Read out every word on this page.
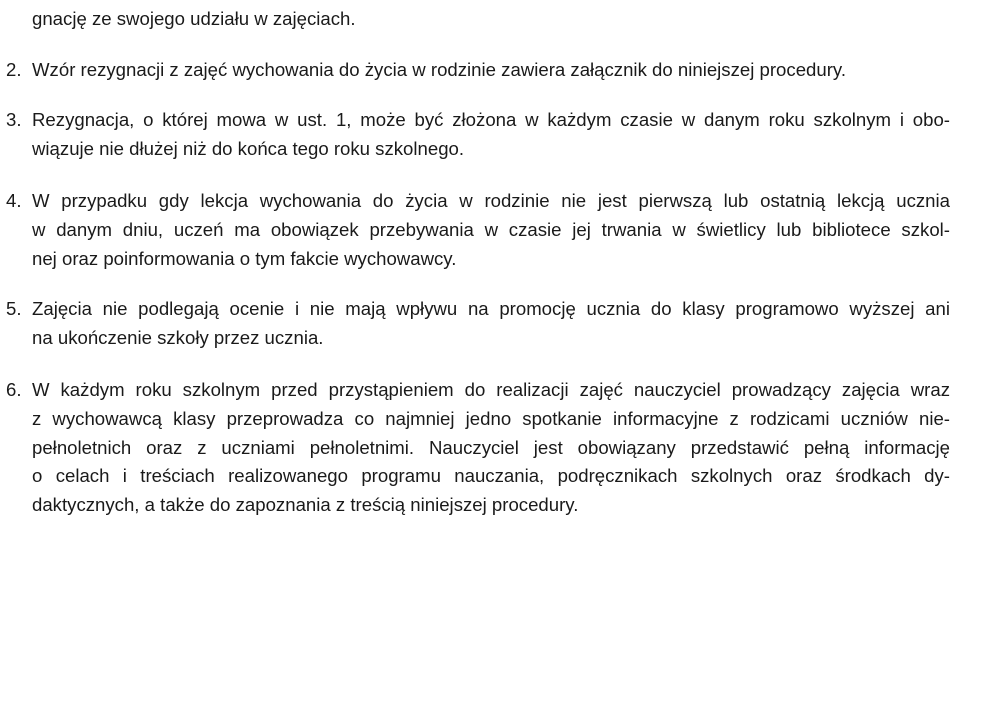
gnację ze swojego udziału w zajęciach.
2. Wzór rezygnacji z zajęć wychowania do życia w rodzinie zawiera załącznik do niniejszej procedury.
3. Rezygnacja, o której mowa w ust. 1, może być złożona w każdym czasie w danym roku szkolnym i obo-
wiązuje nie dłużej niż do końca tego roku szkolnego.
4. W przypadku gdy lekcja wychowania do życia w rodzinie nie jest pierwszą lub ostatnią lekcją ucznia
w danym dniu, uczeń ma obowiązek przebywania w czasie jej trwania w świetlicy lub bibliotece szkol-
nej oraz poinformowania o tym fakcie wychowawcy.
5. Zajęcia nie podlegają ocenie i nie mają wpływu na promocję ucznia do klasy programowo wyższej ani
na ukończenie szkoły przez ucznia.
6. W każdym roku szkolnym przed przystąpieniem do realizacji zajęć nauczyciel prowadzący zajęcia wraz
z wychowawcą klasy przeprowadza co najmniej jedno spotkanie informacyjne z rodzicami uczniów nie-
pełnoletnich oraz z uczniami pełnoletnimi. Nauczyciel jest obowiązany przedstawić pełną informację
o celach i treściach realizowanego programu nauczania, podręcznikach szkolnych oraz środkach dy-
daktycznych, a także do zapoznania z treścią niniejszej procedury.
